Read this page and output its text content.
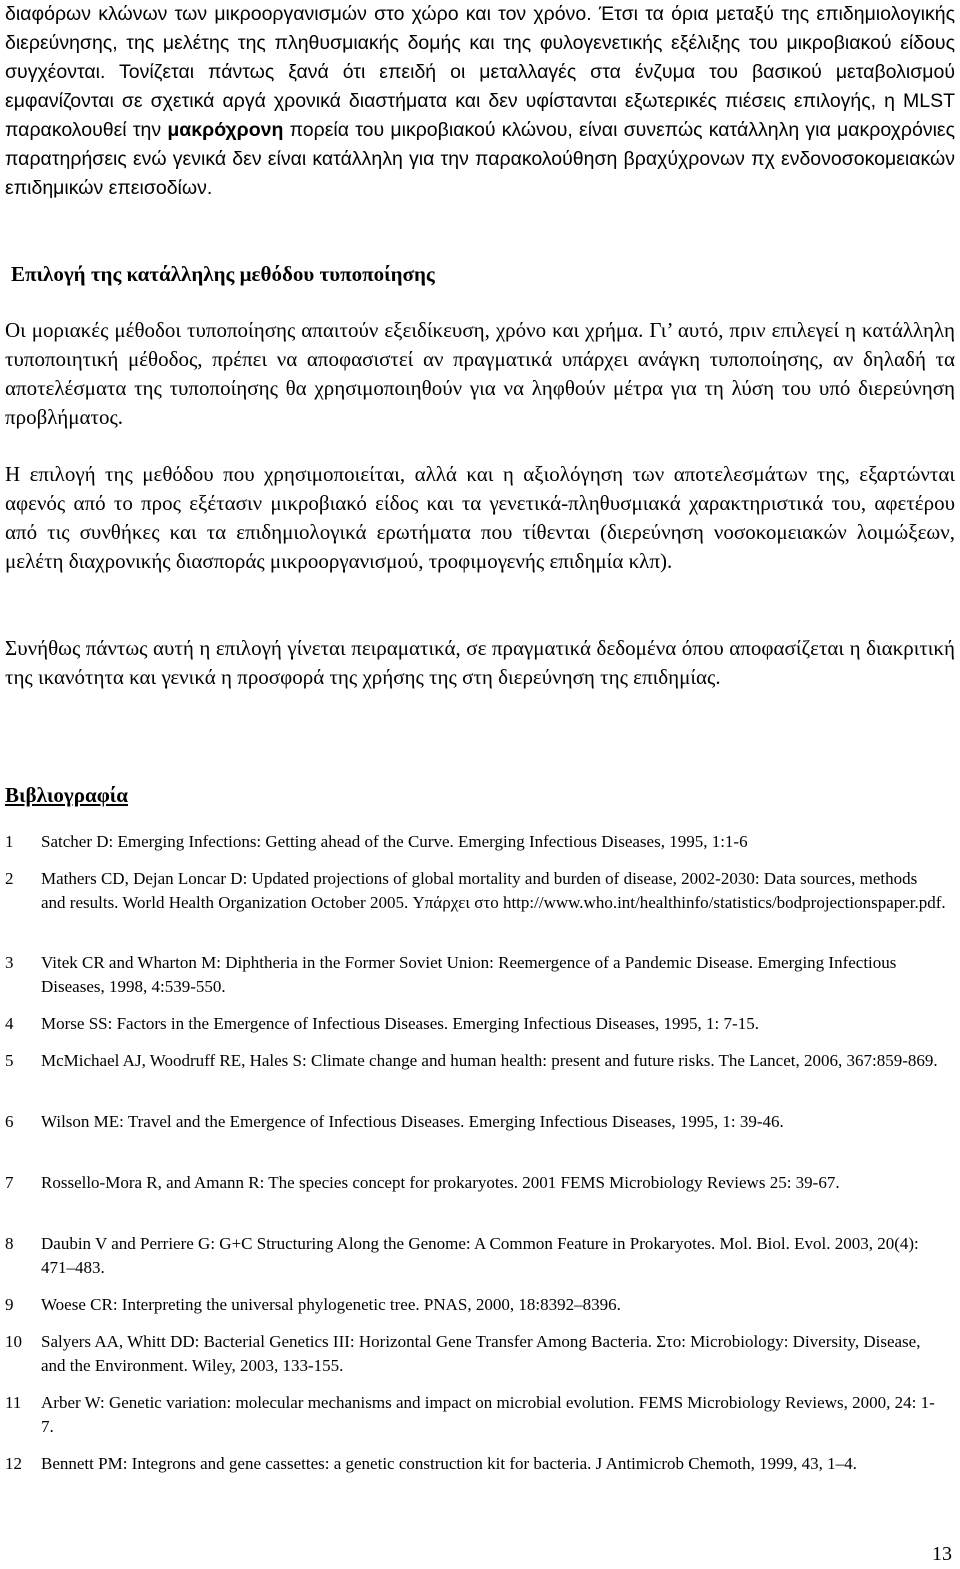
διαφόρων κλώνων των μικροοργανισμών στο χώρο και τον χρόνο. Έτσι τα όρια μεταξύ της επιδημιολογικής διερεύνησης, της μελέτης της πληθυσμιακής δομής και της φυλογενετικής εξέλιξης του μικροβιακού είδους συγχέονται. Τονίζεται πάντως ξανά ότι επειδή οι μεταλλαγές στα ένζυμα του βασικού μεταβολισμού εμφανίζονται σε σχετικά αργά χρονικά διαστήματα και δεν υφίστανται εξωτερικές πιέσεις επιλογής, η MLST παρακολουθεί την μακρόχρονη πορεία του μικροβιακού κλώνου, είναι συνεπώς κατάλληλη για μακροχρόνιες παρατηρήσεις ενώ γενικά δεν είναι κατάλληλη για την παρακολούθηση βραχύχρονων πχ ενδονοσοκομειακών επιδημικών επεισοδίων.

Επιλογή της κατάλληλης μεθόδου τυποποίησης

Οι μοριακές μέθοδοι τυποποίησης απαιτούν εξειδίκευση, χρόνο και χρήμα. Γι’ αυτό, πριν επιλεγεί η κατάλληλη τυποποιητική μέθοδος, πρέπει να αποφασιστεί αν πραγματικά υπάρχει ανάγκη τυποποίησης, αν δηλαδή τα αποτελέσματα της τυποποίησης θα χρησιμοποιηθούν για να ληφθούν μέτρα για τη λύση του υπό διερεύνηση προβλήματος.

Η επιλογή της μεθόδου που χρησιμοποιείται, αλλά και η αξιολόγηση των αποτελεσμάτων της, εξαρτώνται αφενός από το προς εξέτασιν μικροβιακό είδος και τα γενετικά-πληθυσμιακά χαρακτηριστικά του, αφετέρου από τις συνθήκες και τα επιδημιολογικά ερωτήματα που τίθενται (διερεύνηση νοσοκομειακών λοιμώξεων, μελέτη διαχρονικής διασποράς μικροοργανισμού, τροφιμογενής επιδημία κλπ).

Συνήθως πάντως αυτή η επιλογή γίνεται πειραματικά, σε πραγματικά δεδομένα όπου αποφασίζεται η διακριτική της ικανότητα και γενικά η προσφορά της χρήσης της στη διερεύνηση της επιδημίας.

Βιβλιογραφία

1	Satcher D: Emerging Infections: Getting ahead of the Curve. Emerging Infectious Diseases, 1995, 1:1-6
2	Mathers CD, Dejan Loncar D: Updated projections of global mortality and burden of disease, 2002-2030: Data sources, methods and results. World Health Organization October 2005. Υπάρχει στο http://www.who.int/healthinfo/statistics/bodprojectionspaper.pdf.
3	Vitek CR and Wharton M: Diphtheria in the Former Soviet Union: Reemergence of a Pandemic Disease. Emerging Infectious Diseases, 1998, 4:539-550.
4	Morse SS: Factors in the Emergence of Infectious Diseases. Emerging Infectious Diseases, 1995, 1: 7-15.
5	McMichael AJ, Woodruff RE, Hales S: Climate change and human health: present and future risks. The Lancet, 2006, 367:859-869.
6	Wilson ME: Travel and the Emergence of Infectious Diseases. Emerging Infectious Diseases, 1995, 1: 39-46.
7	Rossello-Mora R, and Amann R: The species concept for prokaryotes. 2001 FEMS Microbiology Reviews 25: 39-67.
8	Daubin V and Perriere G: G+C Structuring Along the Genome: A Common Feature in Prokaryotes. Mol. Biol. Evol. 2003, 20(4): 471–483.
9	Woese CR: Interpreting the universal phylogenetic tree. PNAS, 2000, 18:8392–8396.
10	Salyers AA, Whitt DD: Bacterial Genetics III: Horizontal Gene Transfer Among Bacteria. Στο: Microbiology: Diversity, Disease, and the Environment. Wiley, 2003, 133-155.
11	Arber W: Genetic variation: molecular mechanisms and impact on microbial evolution. FEMS Microbiology Reviews, 2000, 24: 1-7.
12	Bennett PM: Integrons and gene cassettes: a genetic construction kit for bacteria. J Antimicrob Chemoth, 1999, 43, 1–4.
13
